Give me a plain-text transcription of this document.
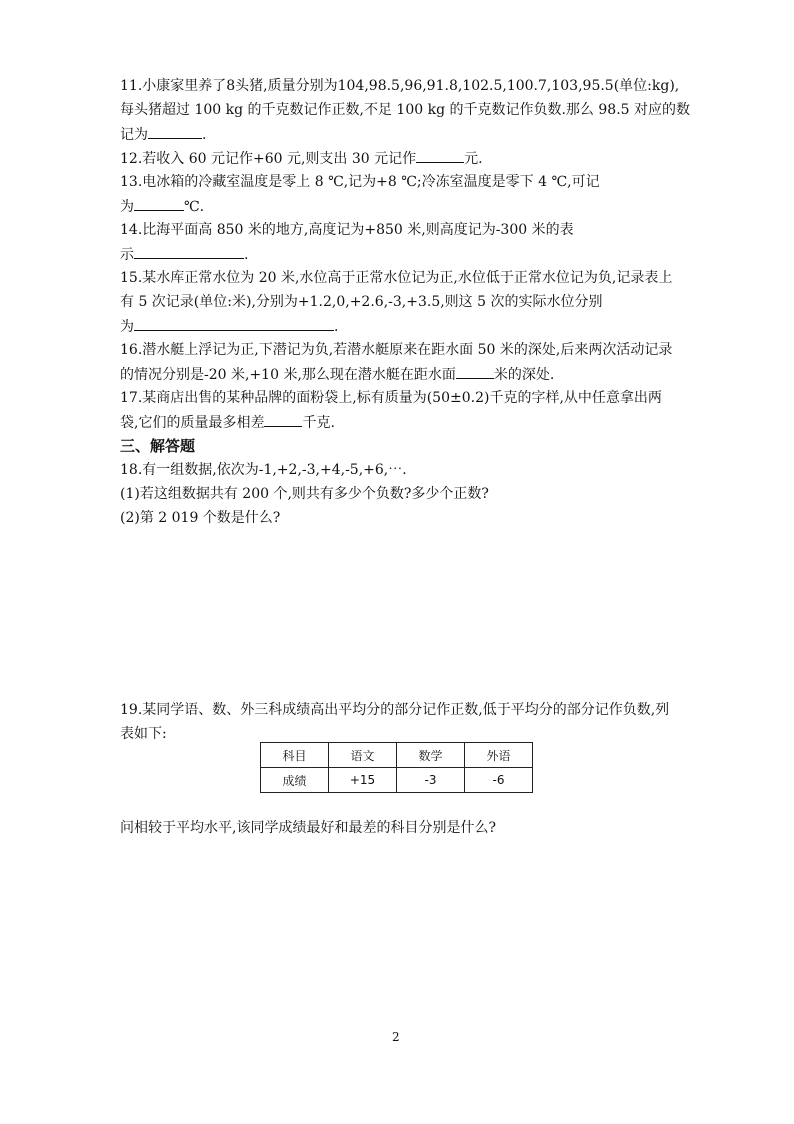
11.小康家里养了8头猪,质量分别为104,98.5,96,91.8,102.5,100.7,103,95.5(单位:kg),
每头猪超过 100 kg 的千克数记作正数,不足 100 kg 的千克数记作负数.那么 98.5 对应的数
记为	.
12.若收入 60 元记作+60 元,则支出 30 元记作	元.
13.电冰箱的冷藏室温度是零上 8 ℃,记为+8 ℃;冷冻室温度是零下 4 ℃,可记
为	℃.
14.比海平面高 850 米的地方,高度记为+850 米,则高度记为-300 米的表
示	.
15.某水库正常水位为 20 米,水位高于正常水位记为正,水位低于正常水位记为负,记录表上
有 5 次记录(单位:米),分别为+1.2,0,+2.6,-3,+3.5,则这 5 次的实际水位分别
为	.
16.潜水艇上浮记为正,下潜记为负,若潜水艇原来在距水面 50 米的深处,后来两次活动记录
的情况分别是-20 米,+10 米,那么现在潜水艇在距水面	米的深处.
17.某商店出售的某种品牌的面粉袋上,标有质量为(50±0.2)千克的字样,从中任意拿出两
袋,它们的质量最多相差	千克.
三、解答题
18.有一组数据,依次为-1,+2,-3,+4,-5,+6,⋯.
(1)若这组数据共有 200 个,则共有多少个负数?多少个正数?
(2)第 2 019 个数是什么?
19.某同学语、数、外三科成绩高出平均分的部分记作正数,低于平均分的部分记作负数,列
表如下:
科目	语文	数学	外语
成绩	+15	-3	-6
问相较于平均水平,该同学成绩最好和最差的科目分别是什么?
2
